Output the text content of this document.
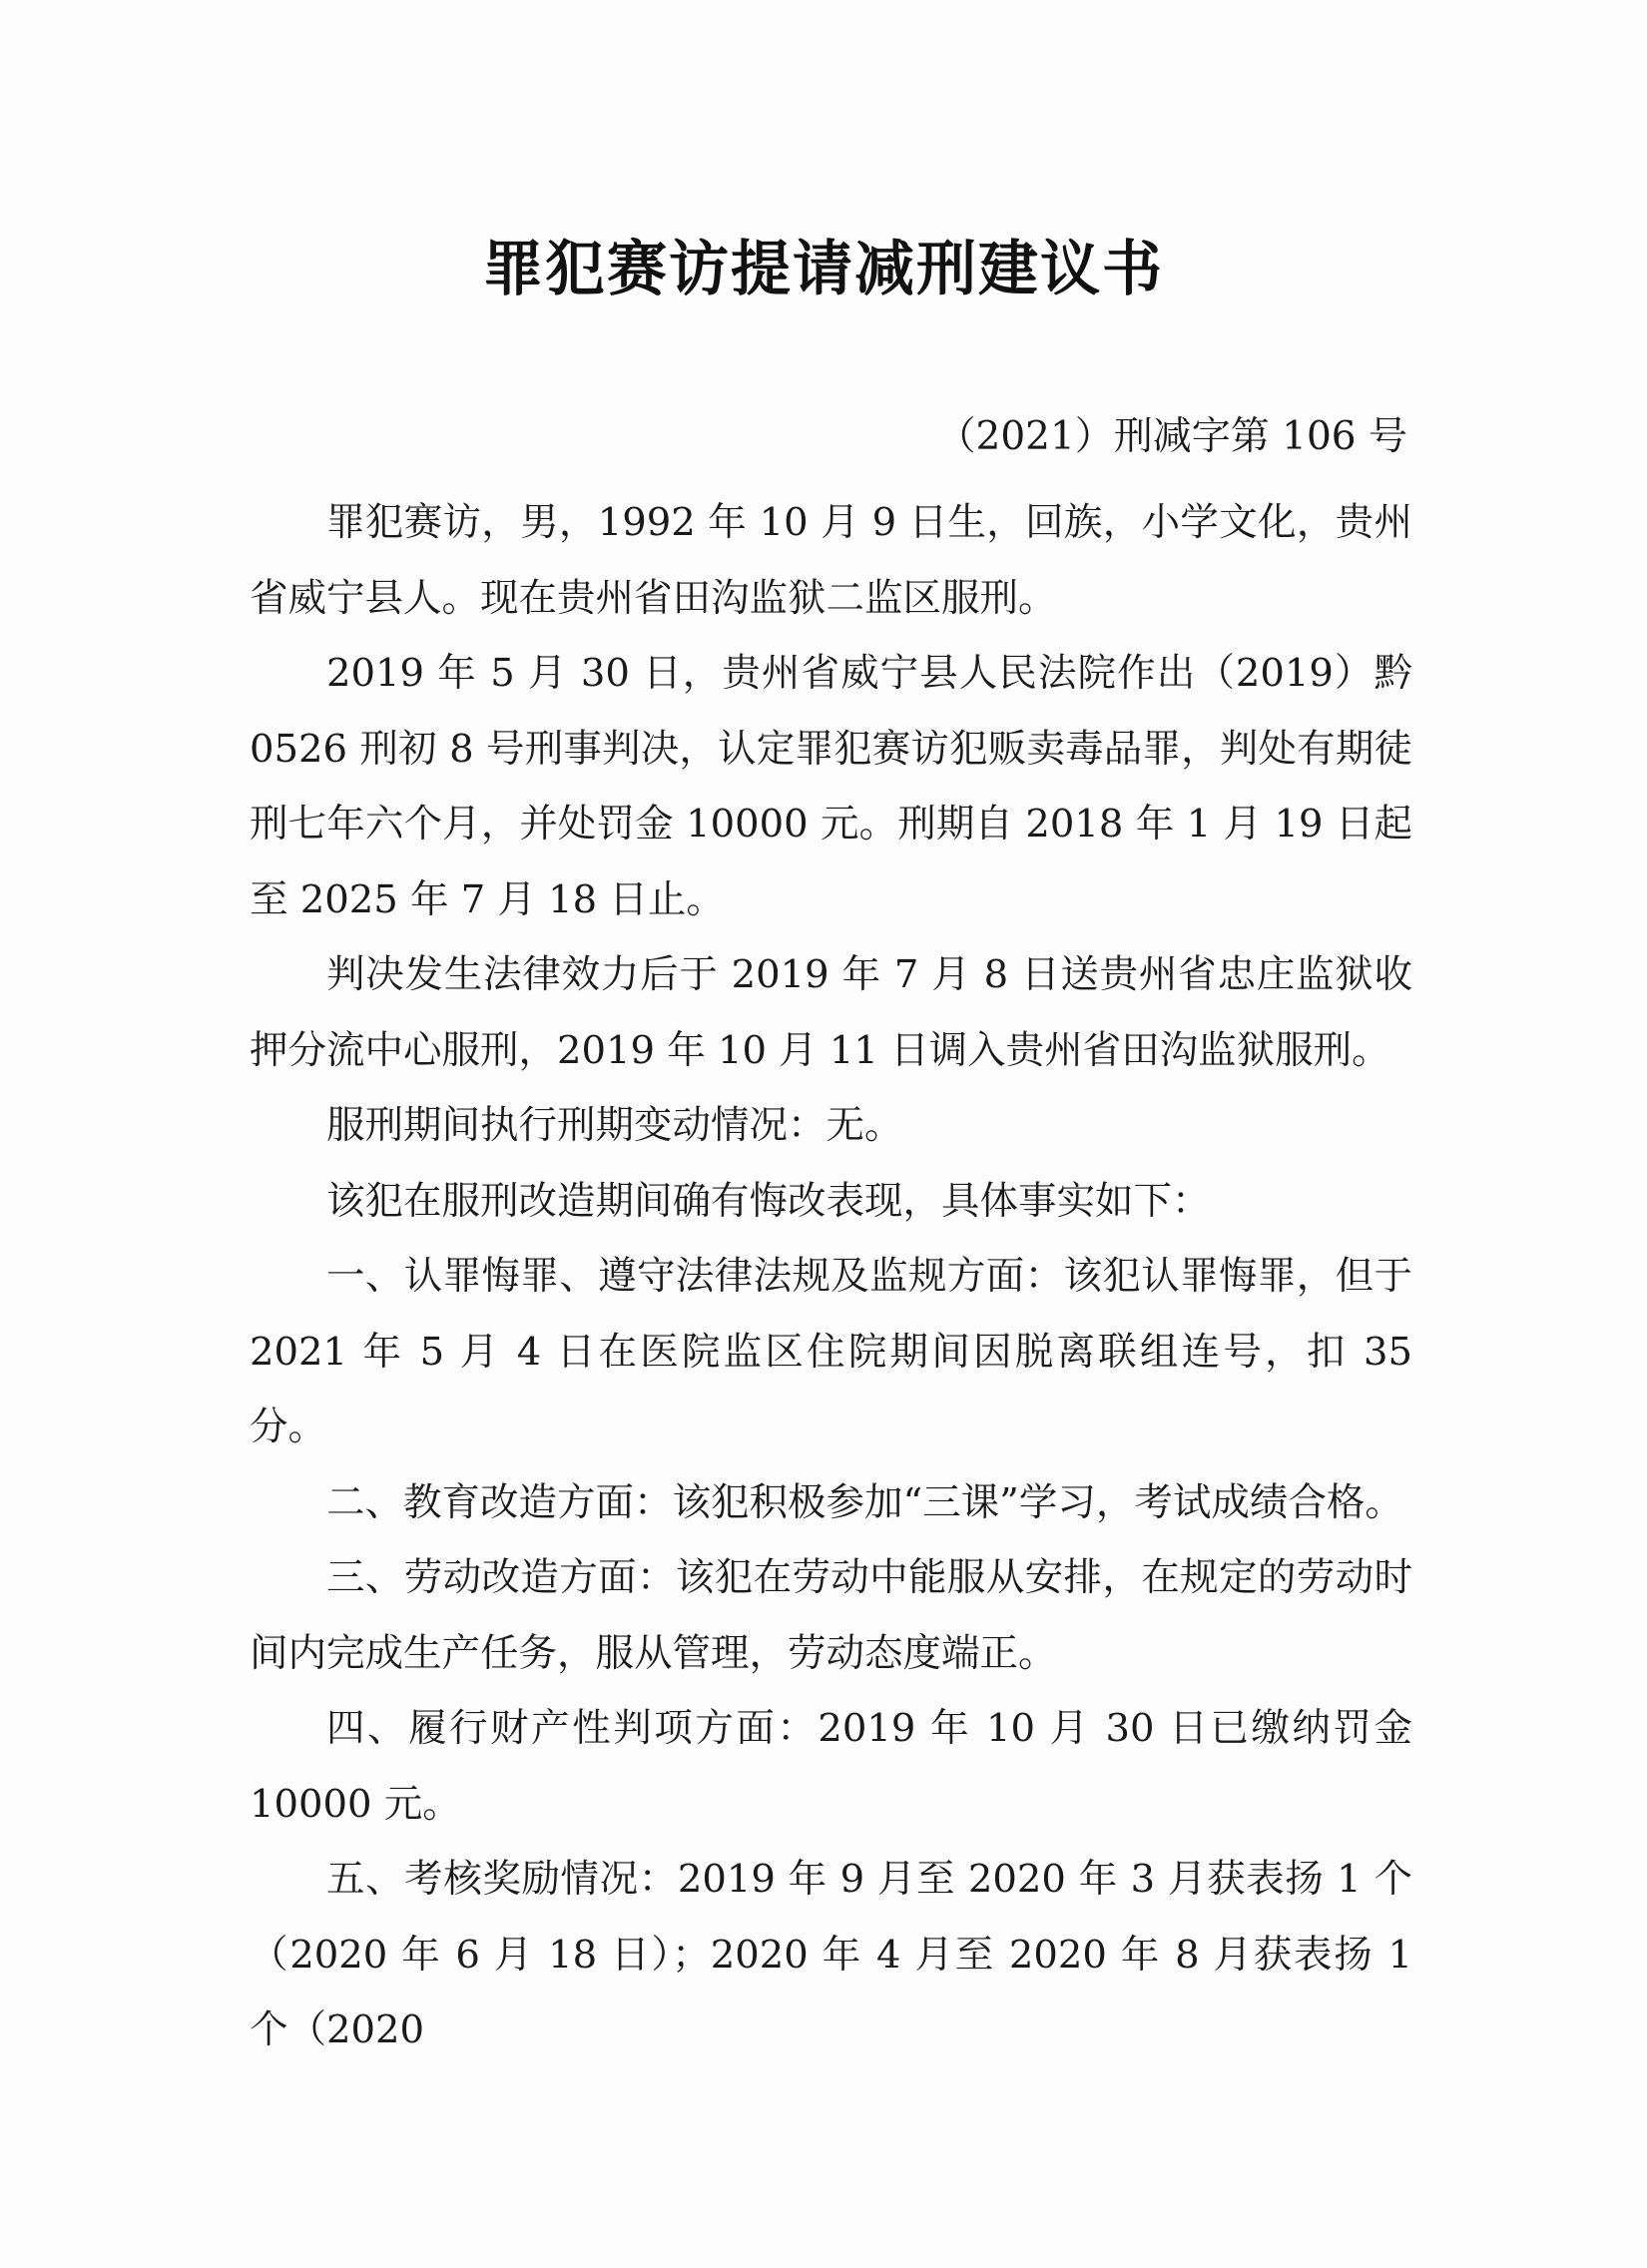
罪犯赛访提请减刑建议书
（2021）刑减字第 106 号

罪犯赛访，男，1992 年 10 月 9 日生，回族，小学文化，贵州省威宁县人。现在贵州省田沟监狱二监区服刑。

2019 年 5 月 30 日，贵州省威宁县人民法院作出（2019）黔 0526 刑初 8 号刑事判决，认定罪犯赛访犯贩卖毒品罪，判处有期徒刑七年六个月，并处罚金 10000 元。刑期自 2018 年 1 月 19 日起至 2025 年 7 月 18 日止。

判决发生法律效力后于 2019 年 7 月 8 日送贵州省忠庄监狱收押分流中心服刑，2019 年 10 月 11 日调入贵州省田沟监狱服刑。

服刑期间执行刑期变动情况：无。

该犯在服刑改造期间确有悔改表现，具体事实如下：

一、认罪悔罪、遵守法律法规及监规方面：该犯认罪悔罪，但于 2021 年 5 月 4 日在医院监区住院期间因脱离联组连号，扣 35 分。

二、教育改造方面：该犯积极参加“三课”学习，考试成绩合格。

三、劳动改造方面：该犯在劳动中能服从安排，在规定的劳动时间内完成生产任务，服从管理，劳动态度端正。

四、履行财产性判项方面：2019 年 10 月 30 日已缴纳罚金 10000 元。

五、考核奖励情况：2019 年 9 月至 2020 年 3 月获表扬 1 个（2020 年 6 月 18 日）；2020 年 4 月至 2020 年 8 月获表扬 1 个（2020
